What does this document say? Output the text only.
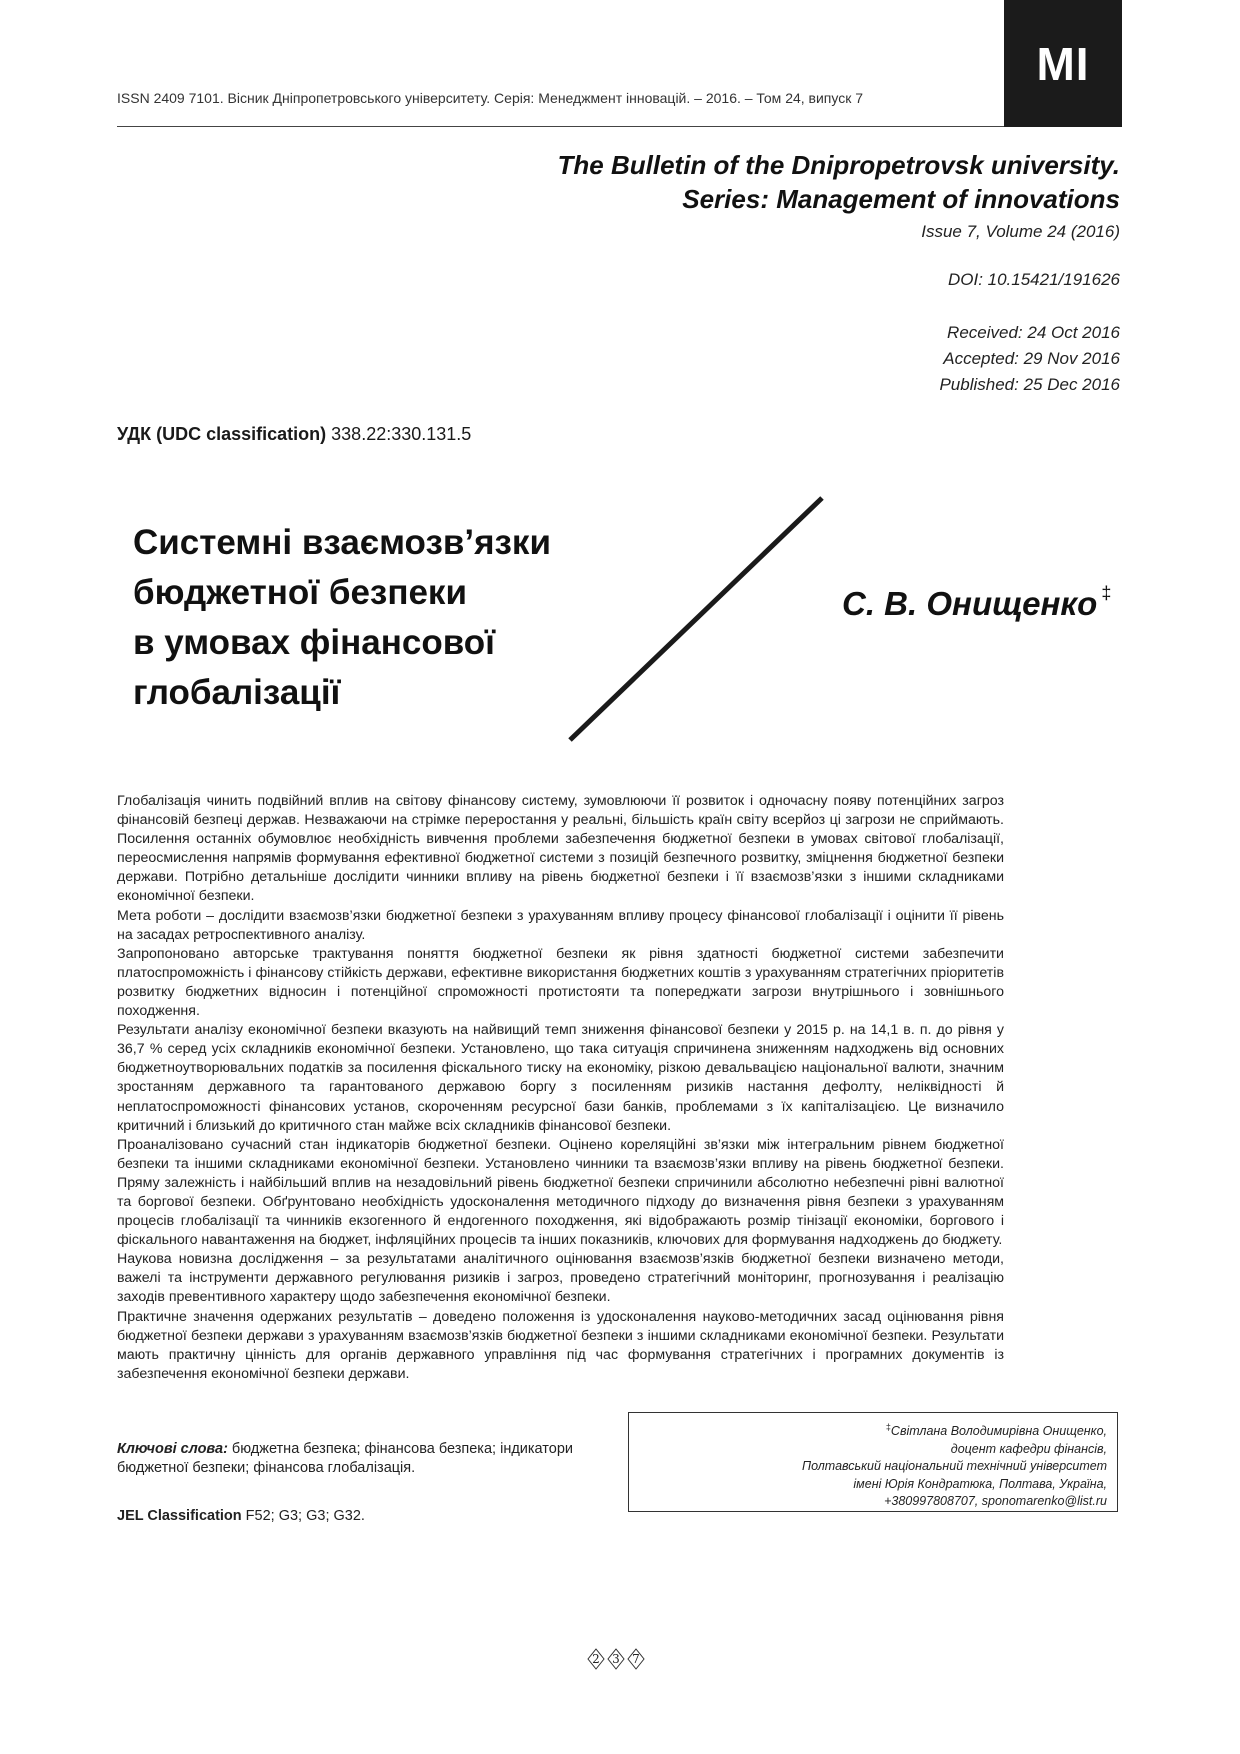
ISSN 2409 7101. Вісник Дніпропетровського університету. Серія: Менеджмент інновацій. – 2016. – Том 24, випуск 7
MI
The Bulletin of the Dnipropetrovsk university.
Series: Management of innovations
Issue 7, Volume 24 (2016)
DOI: 10.15421/191626
Received: 24 Oct 2016
Accepted: 29 Nov 2016
Published: 25 Dec 2016
УДК (UDC classification) 338.22:330.131.5
Системні взаємозв’язки
бюджетної безпеки
в умовах фінансової
глобалізації
С. В. Онищенко ‡

Глобалізація чинить подвійний вплив на світову фінансову систему, зумовлюючи її розвиток і одночасну появу потенційних загроз фінансовій безпеці держав. Незважаючи на стрімке переростання у реальні, більшість країн світу всерйоз ці загрози не сприймають. Посилення останніх обумовлює необхідність вивчення проблеми забезпечення бюджетної безпеки в умовах світової глобалізації, переосмислення напрямів формування ефективної бюджетної системи з позицій безпечного розвитку, зміцнення бюджетної безпеки держави. Потрібно детальніше дослідити чинники впливу на рівень бюджетної безпеки і її взаємозв’язки з іншими складниками економічної безпеки.

Мета роботи – дослідити взаємозв’язки бюджетної безпеки з урахуванням впливу процесу фінансової глобалізації і оцінити її рівень на засадах ретроспективного аналізу.

Запропоновано авторське трактування поняття бюджетної безпеки як рівня здатності бюджетної системи забезпечити платоспроможність і фінансову стійкість держави, ефективне використання бюджетних коштів з урахуванням стратегічних пріоритетів розвитку бюджетних відносин і потенційної спроможності протистояти та попереджати загрози внутрішнього і зовнішнього походження.

Результати аналізу економічної безпеки вказують на найвищий темп зниження фінансової безпеки у 2015 р. на 14,1 в. п. до рівня у 36,7 % серед усіх складників економічної безпеки. Установлено, що така ситуація спричинена зниженням надходжень від основних бюджетноутворювальних податків за посилення фіскального тиску на економіку, різкою девальвацією національної валюти, значним зростанням державного та гарантованого державою боргу з посиленням ризиків настання дефолту, неліквідності й неплатоспроможності фінансових установ, скороченням ресурсної бази банків, проблемами з їх капіталізацією. Це визначило критичний і близький до критичного стан майже всіх складників фінансової безпеки.

Проаналізовано сучасний стан індикаторів бюджетної безпеки. Оцінено кореляційні зв’язки між інтегральним рівнем бюджетної безпеки та іншими складниками економічної безпеки. Установлено чинники та взаємозв’язки впливу на рівень бюджетної безпеки. Пряму залежність і найбільший вплив на незадовільний рівень бюджетної безпеки спричинили абсолютно небезпечні рівні валютної та боргової безпеки. Обґрунтовано необхідність удосконалення методичного підходу до визначення рівня безпеки з урахуванням процесів глобалізації та чинників екзогенного й ендогенного походження, які відображають розмір тінізації економіки, боргового і фіскального навантаження на бюджет, інфляційних процесів та інших показників, ключових для формування надходжень до бюджету.

Наукова новизна дослідження – за результатами аналітичного оцінювання взаємозв’язків бюджетної безпеки визначено методи, важелі та інструменти державного регулювання ризиків і загроз, проведено стратегічний моніторинг, прогнозування і реалізацію заходів превентивного характеру щодо забезпечення економічної безпеки.

Практичне значення одержаних результатів – доведено положення із удосконалення науково-методичних засад оцінювання рівня бюджетної безпеки держави з урахуванням взаємозв’язків бюджетної безпеки з іншими складниками економічної безпеки. Результати мають практичну цінність для органів державного управління під час формування стратегічних і програмних документів із забезпечення економічної безпеки держави.

Ключові слова: бюджетна безпека; фінансова безпека; індикатори бюджетної безпеки; фінансова глобалізація.
JEL Classification F52; G3; G3; G32.
‡Світлана Володимирівна Онищенко,
доцент кафедри фінансів,
Полтавський національний технічний університет
імені Юрія Кондратюка, Полтава, Україна,
+380997808707, sponomarenko@list.ru
2 3 7
